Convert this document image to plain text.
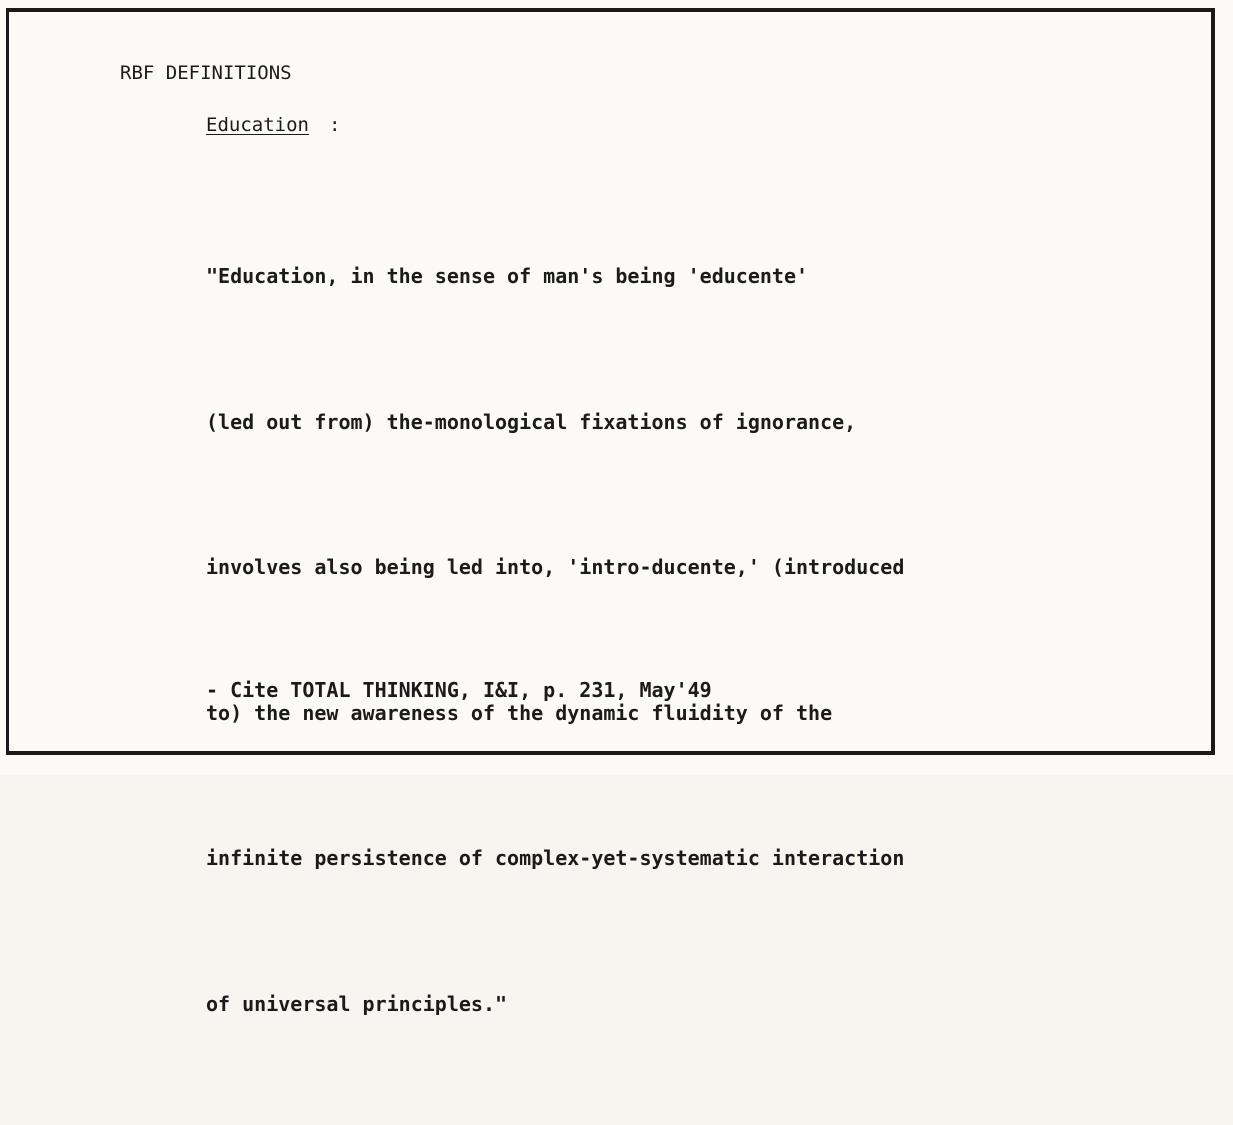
RBF DEFINITIONS
Education :

"Education, in the sense of man's being 'educente'

(led out from) the-monological fixations of ignorance,

involves also being led into, 'intro-ducente,' (introduced

to) the new awareness of the dynamic fluidity of the

infinite persistence of complex-yet-systematic interaction

of universal principles."

- Cite TOTAL THINKING, I&I, p. 231, May'49
